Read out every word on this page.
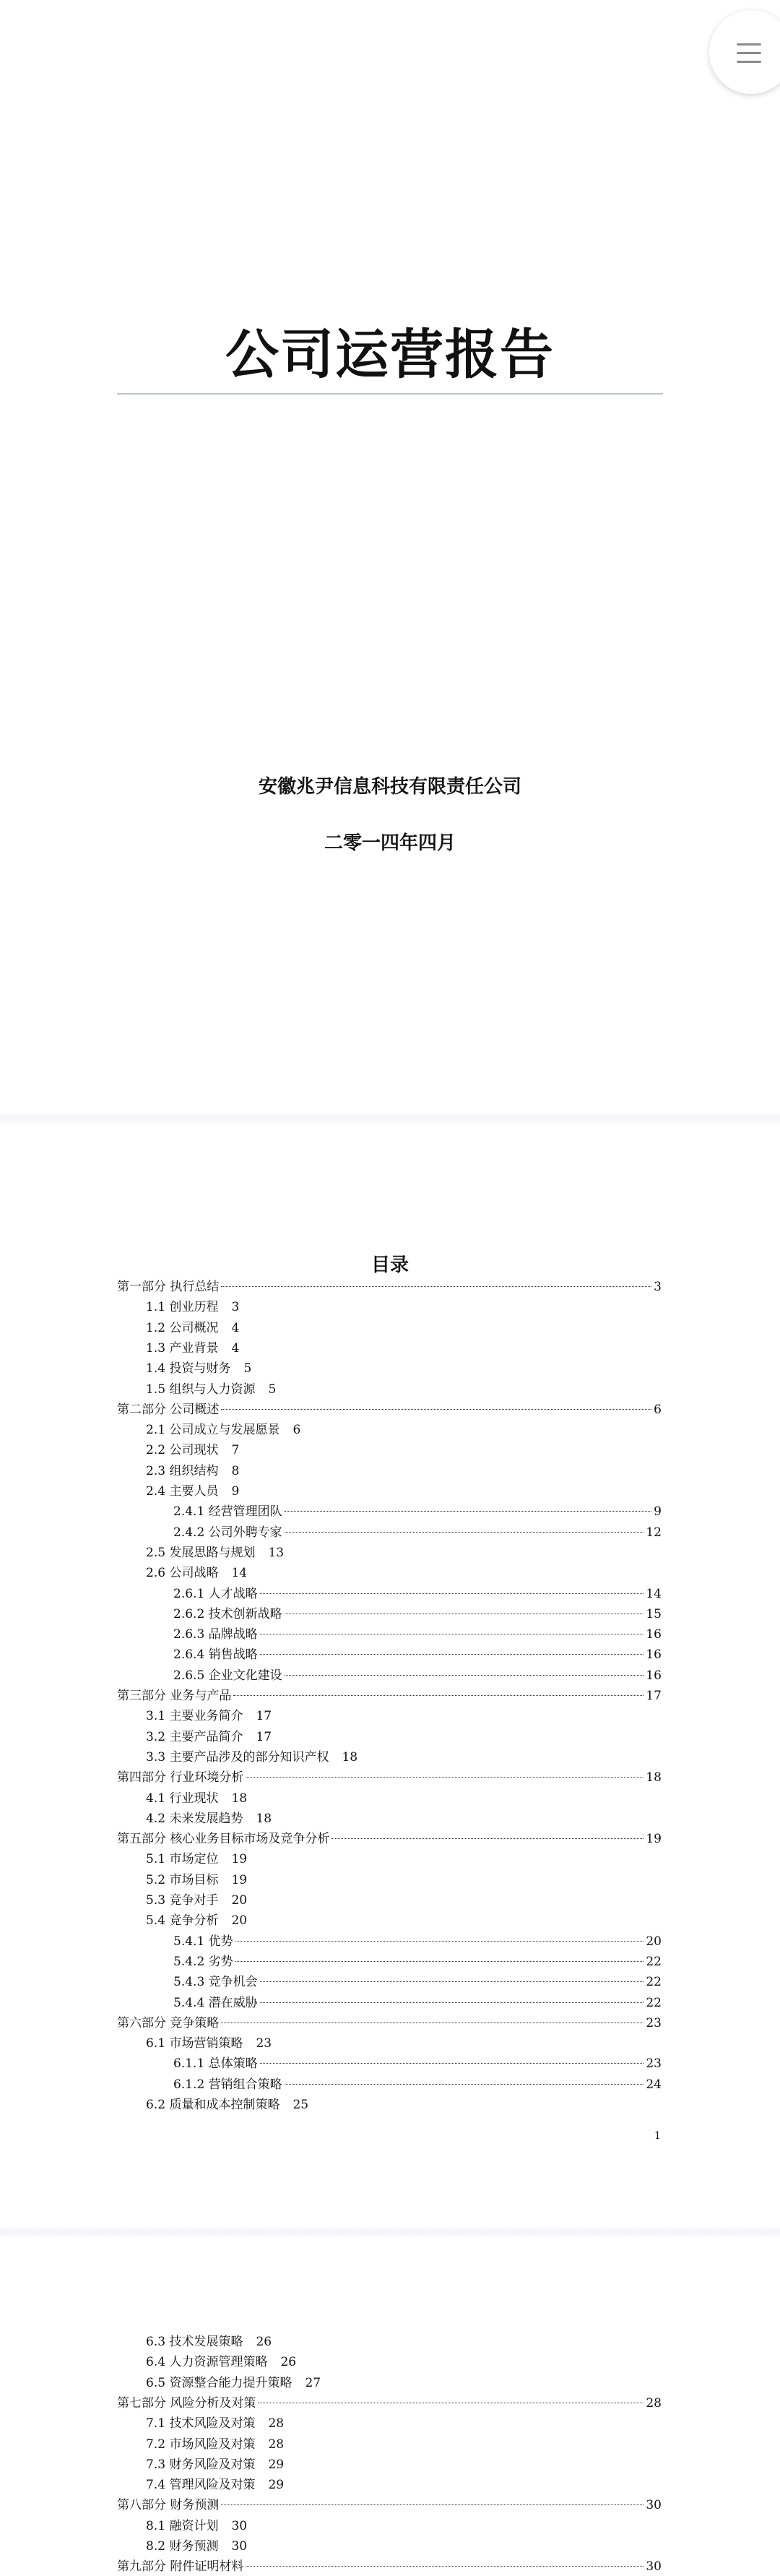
公司运营报告
安徽兆尹信息科技有限责任公司
二零一四年四月
目录
第一部分 执行总结	3
1.1 创业历程 3
1.2 公司概况 4
1.3 产业背景 4
1.4 投资与财务 5
1.5 组织与人力资源 5
第二部分 公司概述	6
2.1 公司成立与发展愿景 6
2.2 公司现状 7
2.3 组织结构 8
2.4 主要人员 9
2.4.1 经营管理团队	9
2.4.2 公司外聘专家	12
2.5 发展思路与规划 13
2.6 公司战略 14
2.6.1 人才战略	14
2.6.2 技术创新战略	15
2.6.3 品牌战略	16
2.6.4 销售战略	16
2.6.5 企业文化建设	16
第三部分 业务与产品	17
3.1 主要业务简介 17
3.2 主要产品简介 17
3.3 主要产品涉及的部分知识产权 18
第四部分 行业环境分析	18
4.1 行业现状 18
4.2 未来发展趋势 18
第五部分 核心业务目标市场及竞争分析	19
5.1 市场定位 19
5.2 市场目标 19
5.3 竞争对手 20
5.4 竞争分析 20
5.4.1 优势	20
5.4.2 劣势	22
5.4.3 竞争机会	22
5.4.4 潜在威胁	22
第六部分 竞争策略	23
6.1 市场营销策略 23
6.1.1 总体策略	23
6.1.2 营销组合策略	24
6.2 质量和成本控制策略 25
6.3 技术发展策略 26
6.4 人力资源管理策略 26
6.5 资源整合能力提升策略 27
第七部分 风险分析及对策	28
7.1 技术风险及对策 28
7.2 市场风险及对策 28
7.3 财务风险及对策 29
7.4 管理风险及对策 29
第八部分 财务预测	30
8.1 融资计划 30
8.2 财务预测 30
第九部分 附件证明材料	30
1
